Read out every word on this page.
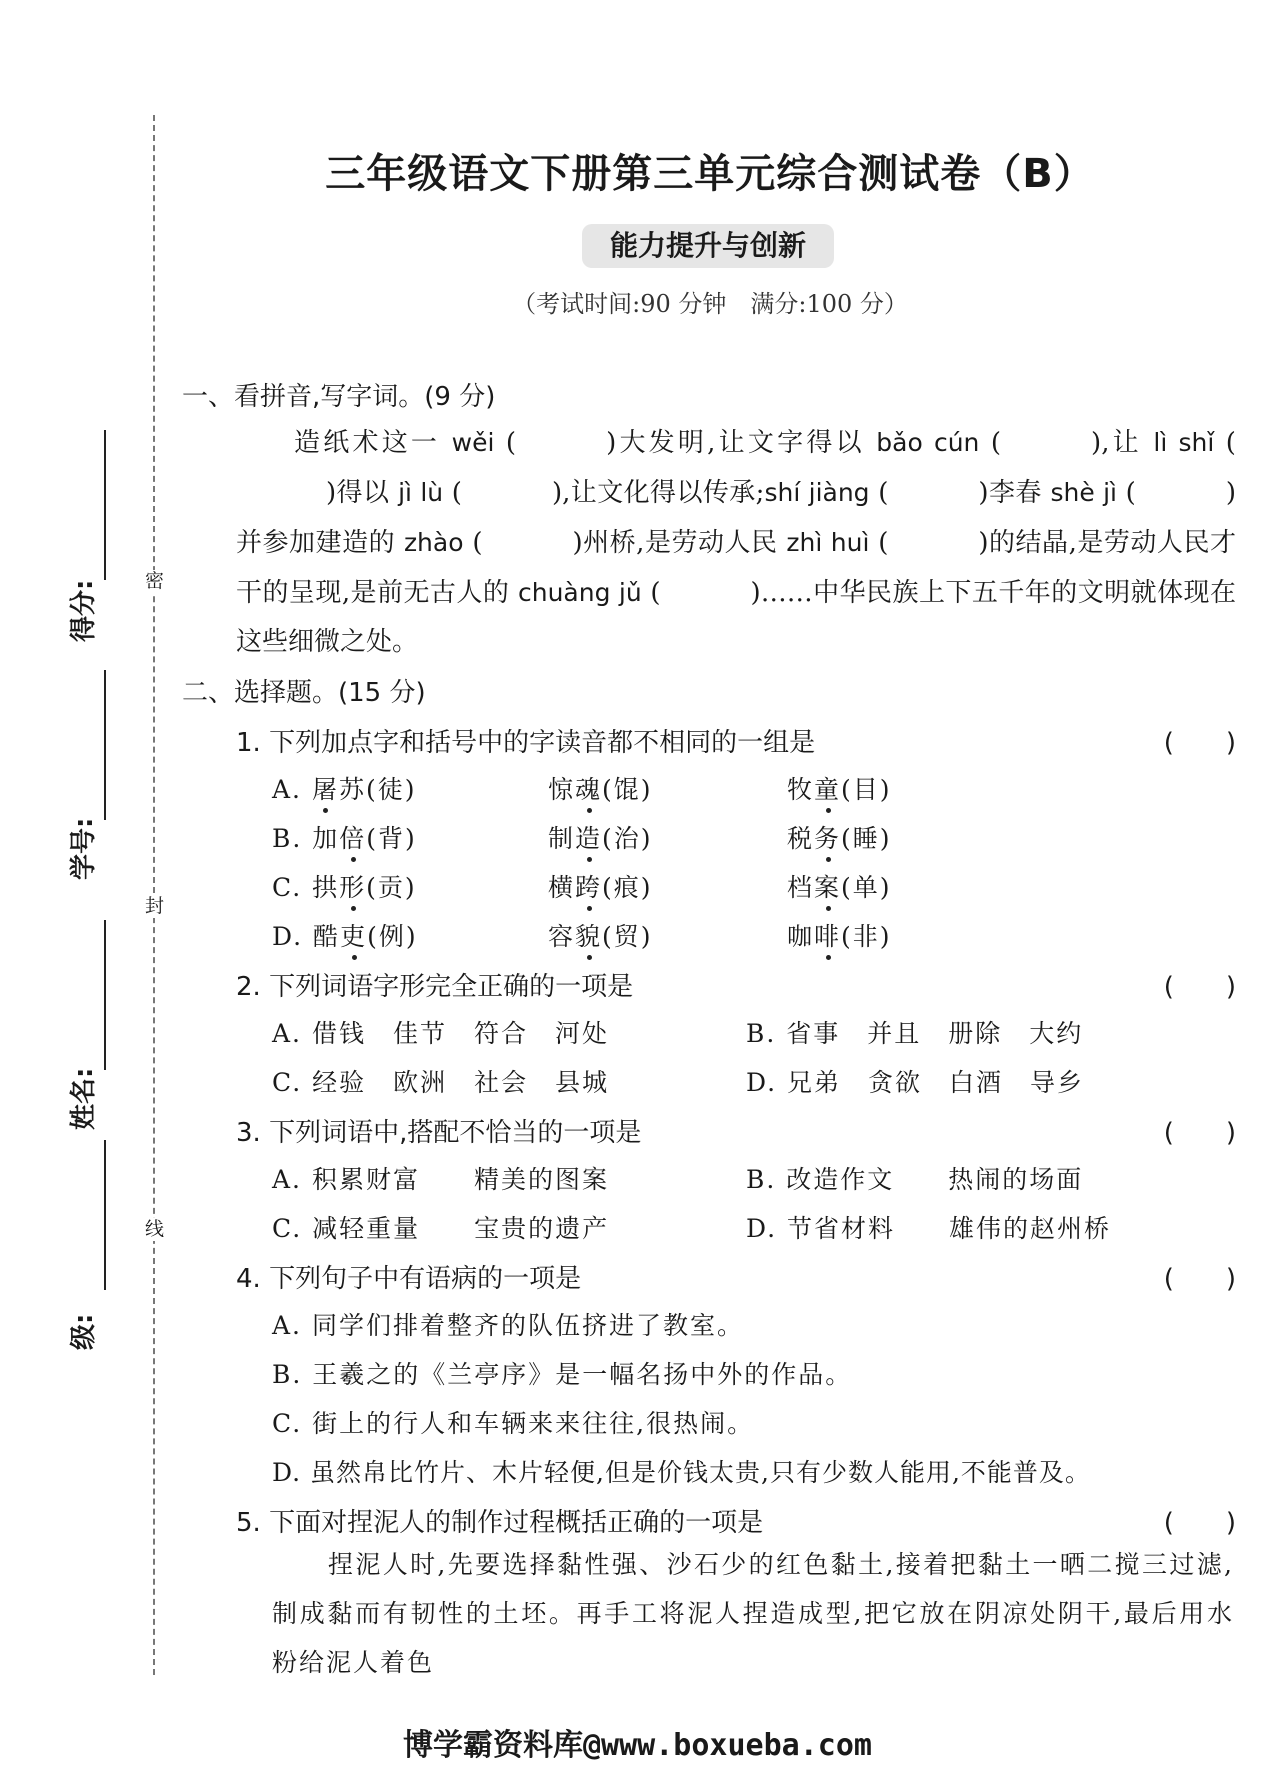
密
封
线
得分:
学号:
姓名:
级:
三年级语文下册第三单元综合测试卷（B）
能力提升与创新
（考试时间:90 分钟　满分:100 分）
一、看拼音,写字词。(9 分)
造纸术这一 wěi (	)大发明,让文字得以 bǎo cún (	),让 lì shǐ ()得以 jì lù (	),让文化得以传承;shí jiàng (	)李春 shè jì (	)并参加建造的 zhào (	)州桥,是劳动人民 zhì huì (	)的结晶,是劳动人民才干的呈现,是前无古人的 chuàng jǔ (	)……中华民族上下五千年的文明就体现在这些细微之处。
二、选择题。(15 分)
1. 下列加点字和括号中的字读音都不相同的一组是	(　　)
A. 屠苏(徒)	惊魂(馄)	牧童(目)
B. 加倍(背)	制造(治)	税务(睡)
C. 拱形(贡)	横跨(痕)	档案(单)
D. 酷吏(例)	容貌(贸)	咖啡(非)
2. 下列词语字形完全正确的一项是	(　　)
A. 借钱　佳节　符合　河处	B. 省事　并且　册除　大约
C. 经验　欧洲　社会　县城	D. 兄弟　贪欲　白酒　导乡
3. 下列词语中,搭配不恰当的一项是	(　　)
A. 积累财富　　精美的图案	B. 改造作文　　热闹的场面
C. 减轻重量　　宝贵的遗产	D. 节省材料　　雄伟的赵州桥
4. 下列句子中有语病的一项是	(　　)
A. 同学们排着整齐的队伍挤进了教室。
B. 王羲之的《兰亭序》是一幅名扬中外的作品。
C. 街上的行人和车辆来来往往,很热闹。
D. 虽然帛比竹片、木片轻便,但是价钱太贵,只有少数人能用,不能普及。
5. 下面对捏泥人的制作过程概括正确的一项是	(　　)
捏泥人时,先要选择黏性强、沙石少的红色黏土,接着把黏土一晒二搅三过滤,制成黏而有韧性的土坯。再手工将泥人捏造成型,把它放在阴凉处阴干,最后用水粉给泥人着色
博学霸资料库@www.boxueba.com
